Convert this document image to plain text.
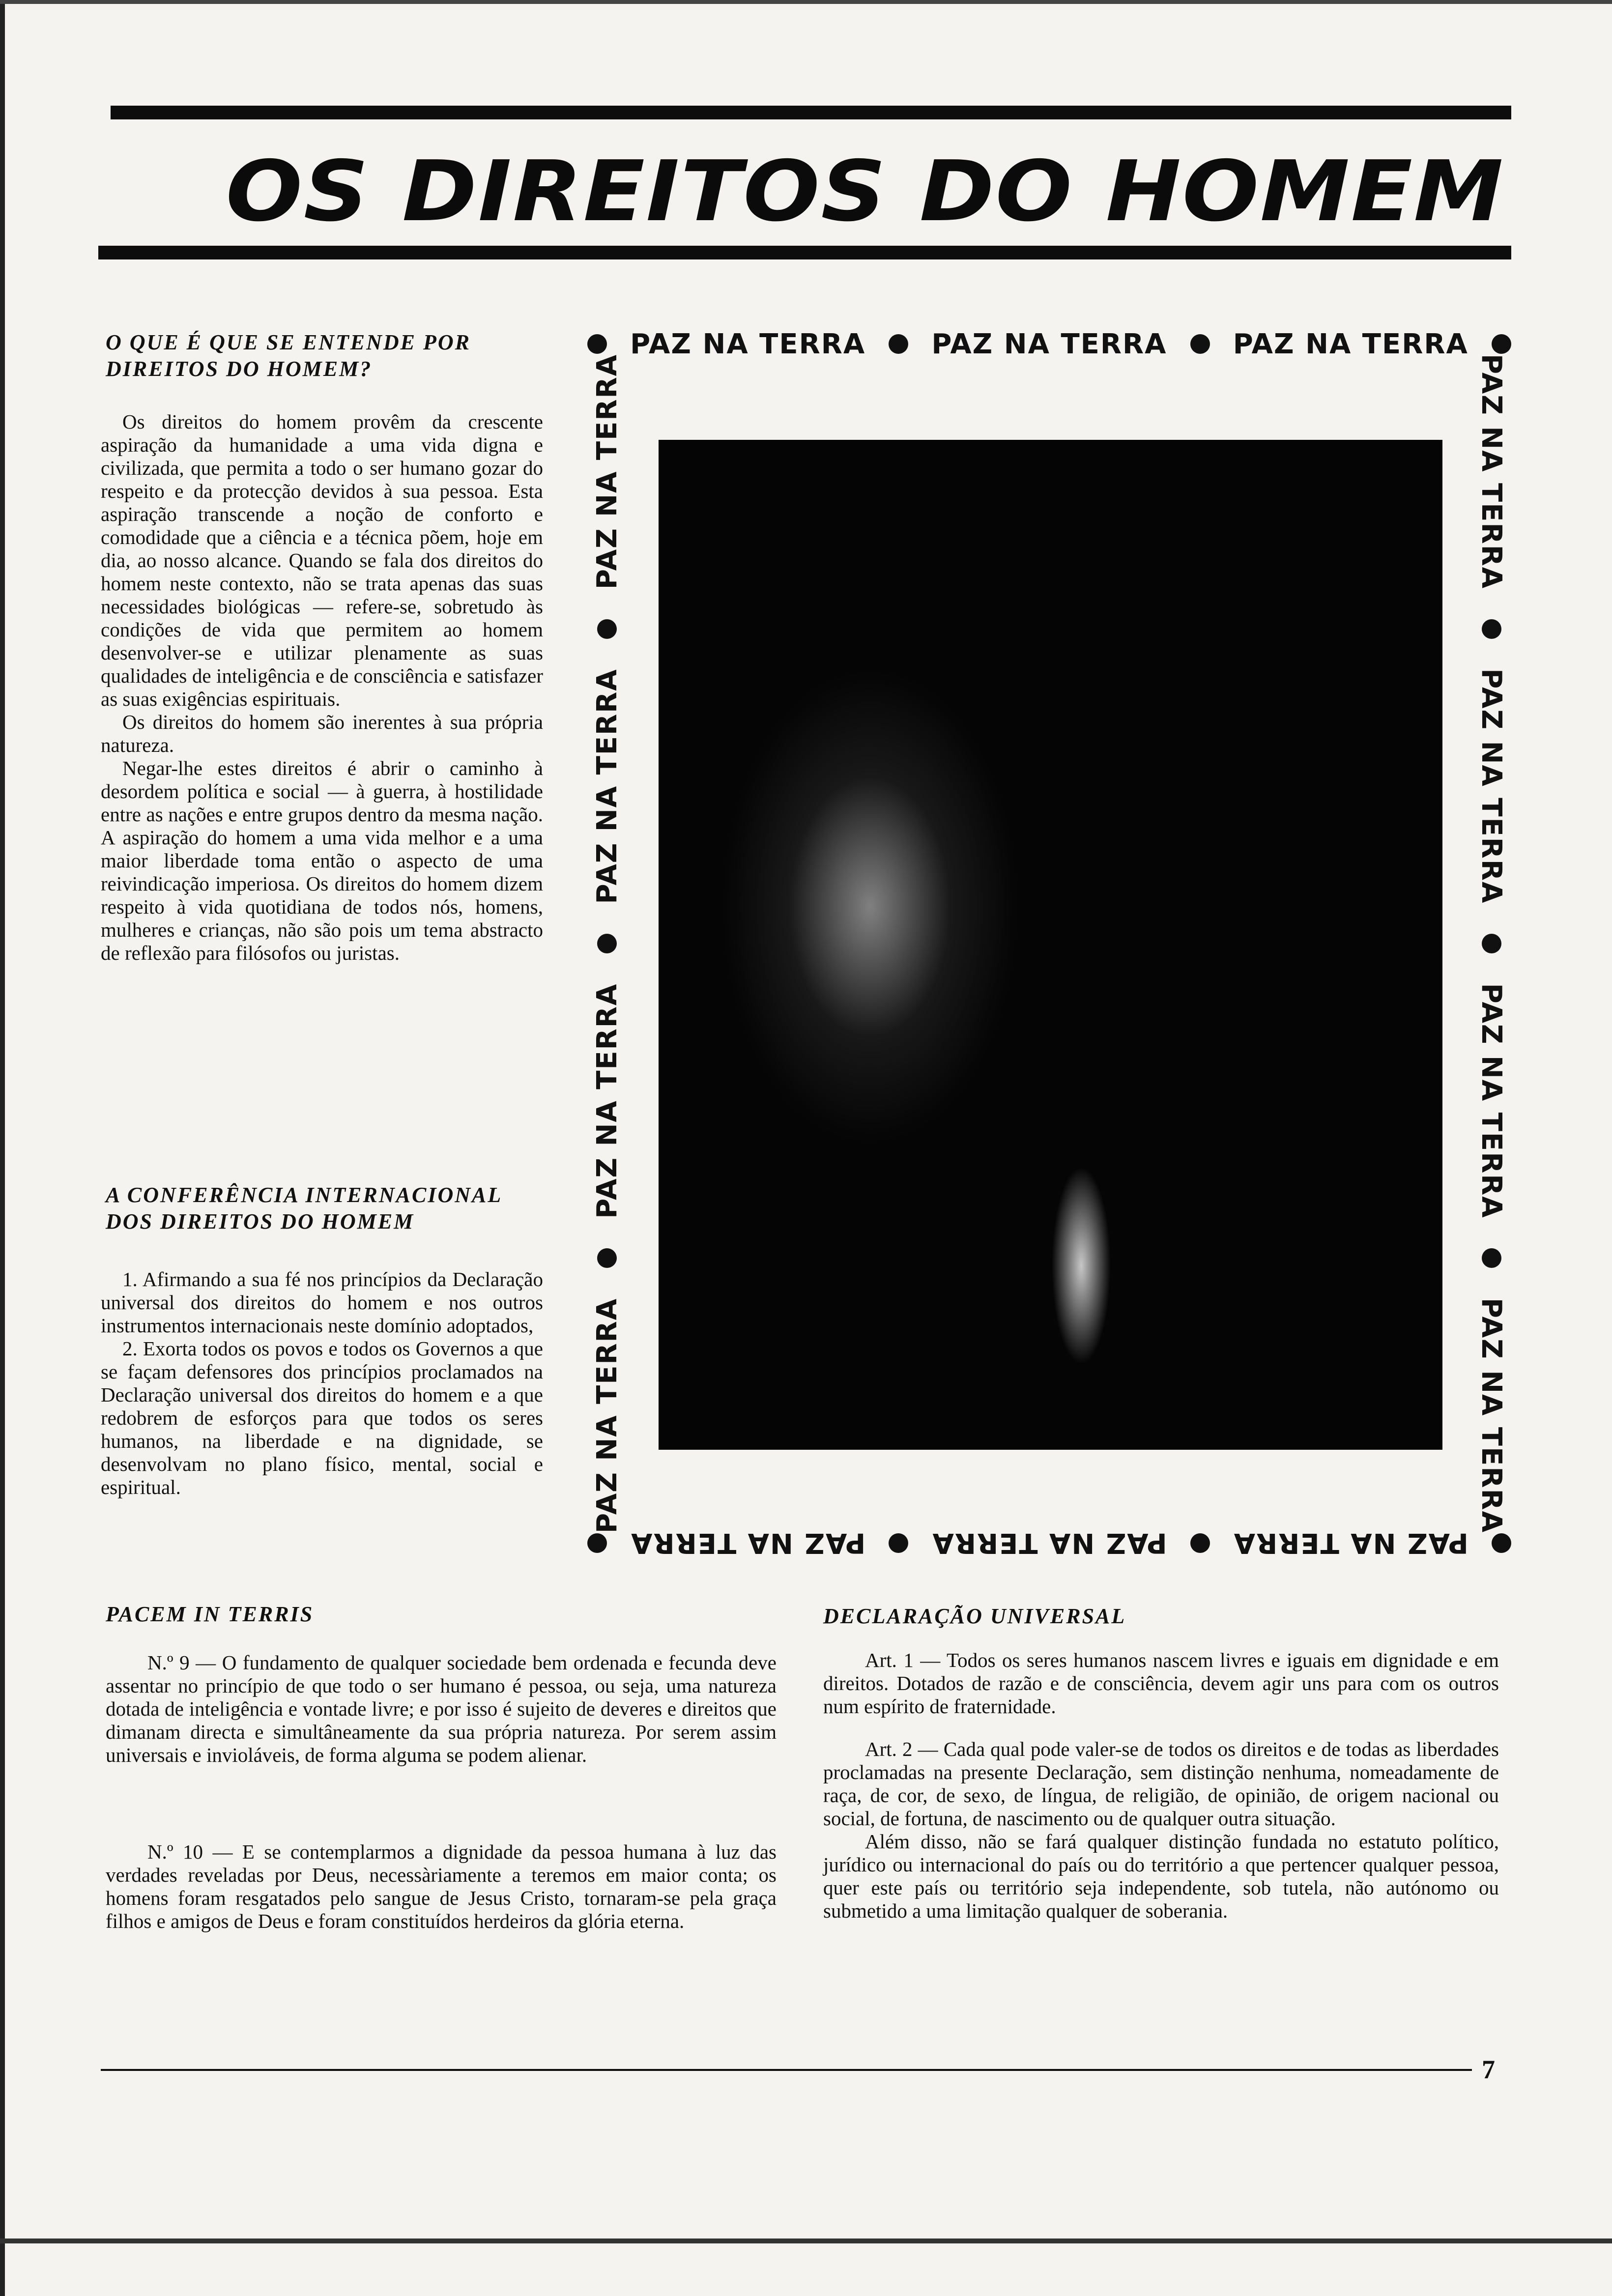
OS DIREITOS DO HOMEM
O QUE É QUE SE ENTENDE POR DIREITOS DO HOMEM?

Os direitos do homem provêm da crescente aspiração da humanidade a uma vida digna e civilizada, que permita a todo o ser humano gozar do respeito e da protecção devidos à sua pessoa. Esta aspiração transcende a noção de conforto e comodidade que a ciência e a técnica põem, hoje em dia, ao nosso alcance. Quando se fala dos direitos do homem neste contexto, não se trata apenas das suas necessidades biológicas — refere-se, sobretudo às condições de vida que permitem ao homem desenvolver-se e utilizar plenamente as suas qualidades de inteligência e de consciência e satisfazer as suas exigências espirituais.

Os direitos do homem são inerentes à sua própria natureza.

Negar-lhe estes direitos é abrir o caminho à desordem política e social — à guerra, à hostilidade entre as nações e entre grupos dentro da mesma nação. A aspiração do homem a uma vida melhor e a uma maior liberdade toma então o aspecto de uma reivindicação imperiosa. Os direitos do homem dizem respeito à vida quotidiana de todos nós, homens, mulheres e crianças, não são pois um tema abstracto de reflexão para filósofos ou juristas.

A CONFERÊNCIA INTERNACIONAL DOS DIREITOS DO HOMEM

1. Afirmando a sua fé nos princípios da Declaração universal dos direitos do homem e nos outros instrumentos internacionais neste domínio adoptados,

2. Exorta todos os povos e todos os Governos a que se façam defensores dos princípios proclamados na Declaração universal dos direitos do homem e a que redobrem de esforços para que todos os seres humanos, na liberdade e na dignidade, se desenvolvam no plano físico, mental, social e espiritual.

PAZ NA TERRA PAZ NA TERRA PAZ NA TERRA
PAZ NA TERRA
PAZ NA TERRA
PAZ NA TERRA
PAZ NA TERRA	PAZ NA TERRA
PAZ NA TERRA
PAZ NA TERRA
PAZ NA TERRA
PAZ NA TERRA
PAZ NA TERRA
PAZ NA TERRA
PACEM IN TERRIS

N.º 9 — O fundamento de qualquer sociedade bem ordenada e fecunda deve assentar no princípio de que todo o ser humano é pessoa, ou seja, uma natureza dotada de inteligência e vontade livre; e por isso é sujeito de deveres e direitos que dimanam directa e simultâneamente da sua própria natureza. Por serem assim universais e invioláveis, de forma alguma se podem alienar.

N.º 10 — E se contemplarmos a dignidade da pessoa humana à luz das verdades reveladas por Deus, necessàriamente a teremos em maior conta; os homens foram resgatados pelo sangue de Jesus Cristo, tornaram-se pela graça filhos e amigos de Deus e foram constituídos herdeiros da glória eterna.

DECLARAÇÃO UNIVERSAL

Art. 1 — Todos os seres humanos nascem livres e iguais em dignidade e em direitos. Dotados de razão e de consciência, devem agir uns para com os outros num espírito de fraternidade.

Art. 2 — Cada qual pode valer-se de todos os direitos e de todas as liberdades proclamadas na presente Declaração, sem distinção nenhuma, nomeadamente de raça, de cor, de sexo, de língua, de religião, de opinião, de origem nacional ou social, de fortuna, de nascimento ou de qualquer outra situação.

Além disso, não se fará qualquer distinção fundada no estatuto político, jurídico ou internacional do país ou do território a que pertencer qualquer pessoa, quer este país ou território seja independente, sob tutela, não autónomo ou submetido a uma limitação qualquer de soberania.

7
